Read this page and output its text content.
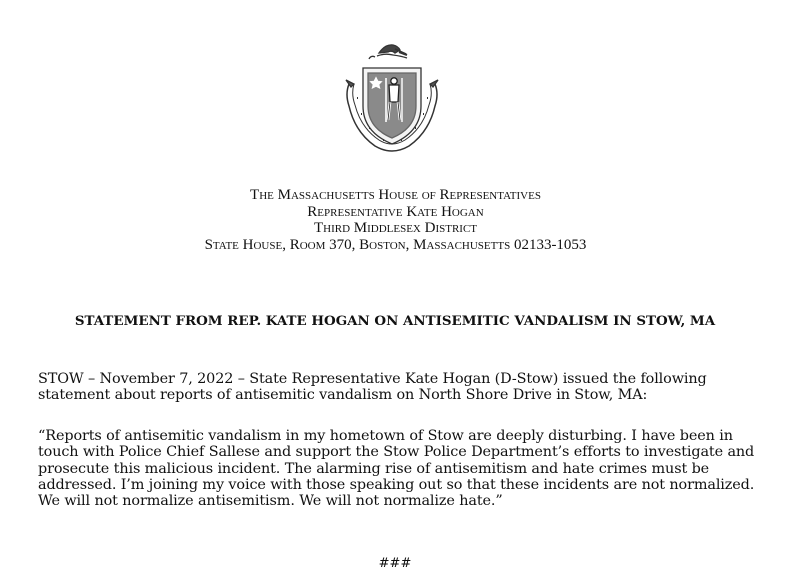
The Massachusetts House of Representatives
Representative Kate Hogan
Third Middlesex District
State House, Room 370, Boston, Massachusetts 02133-1053
STATEMENT FROM REP. KATE HOGAN ON ANTISEMITIC VANDALISM IN STOW, MA
STOW – November 7, 2022 – State Representative Kate Hogan (D-Stow) issued the following statement about reports of antisemitic vandalism on North Shore Drive in Stow, MA:
“Reports of antisemitic vandalism in my hometown of Stow are deeply disturbing. I have been in touch with Police Chief Sallese and support the Stow Police Department’s efforts to investigate and prosecute this malicious incident. The alarming rise of antisemitism and hate crimes must be addressed. I’m joining my voice with those speaking out so that these incidents are not normalized. We will not normalize antisemitism. We will not normalize hate.”
###
